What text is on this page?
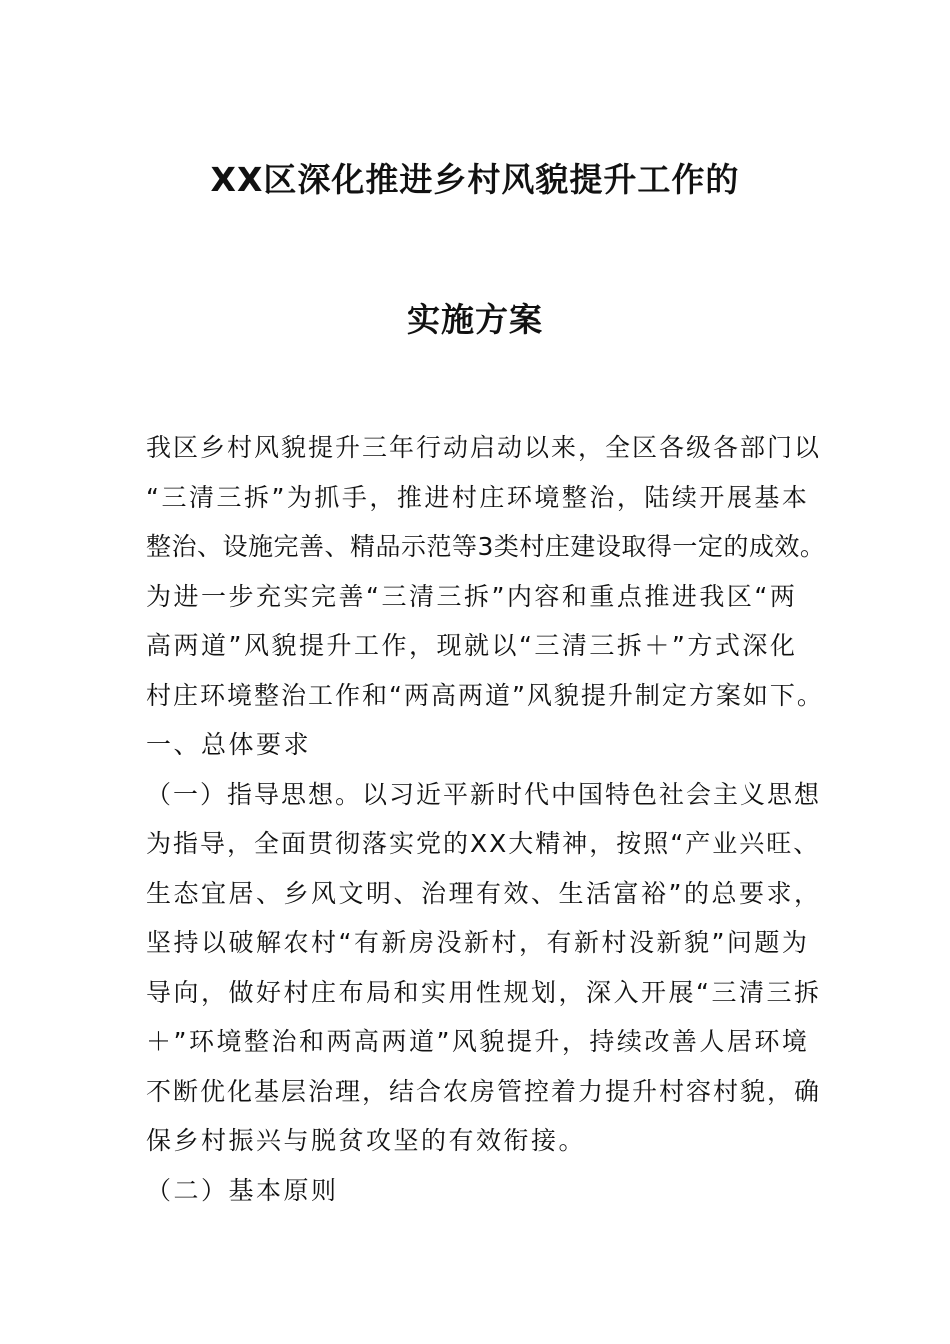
XX区深化推进乡村风貌提升工作的
实施方案
我区乡村风貌提升三年行动启动以来，全区各级各部门以
“三清三拆”为抓手，推进村庄环境整治，陆续开展基本
整治、设施完善、精品示范等3类村庄建设取得一定的成效。
为进一步充实完善“三清三拆”内容和重点推进我区“两
高两道”风貌提升工作，现就以“三清三拆＋”方式深化
村庄环境整治工作和“两高两道”风貌提升制定方案如下。
一、总体要求
（一）指导思想。以习近平新时代中国特色社会主义思想
为指导，全面贯彻落实党的XX大精神，按照“产业兴旺、
生态宜居、乡风文明、治理有效、生活富裕”的总要求，
坚持以破解农村“有新房没新村，有新村没新貌”问题为
导向，做好村庄布局和实用性规划，深入开展“三清三拆
＋”环境整治和两高两道”风貌提升，持续改善人居环境
不断优化基层治理，结合农房管控着力提升村容村貌，确
保乡村振兴与脱贫攻坚的有效衔接。
（二）基本原则
